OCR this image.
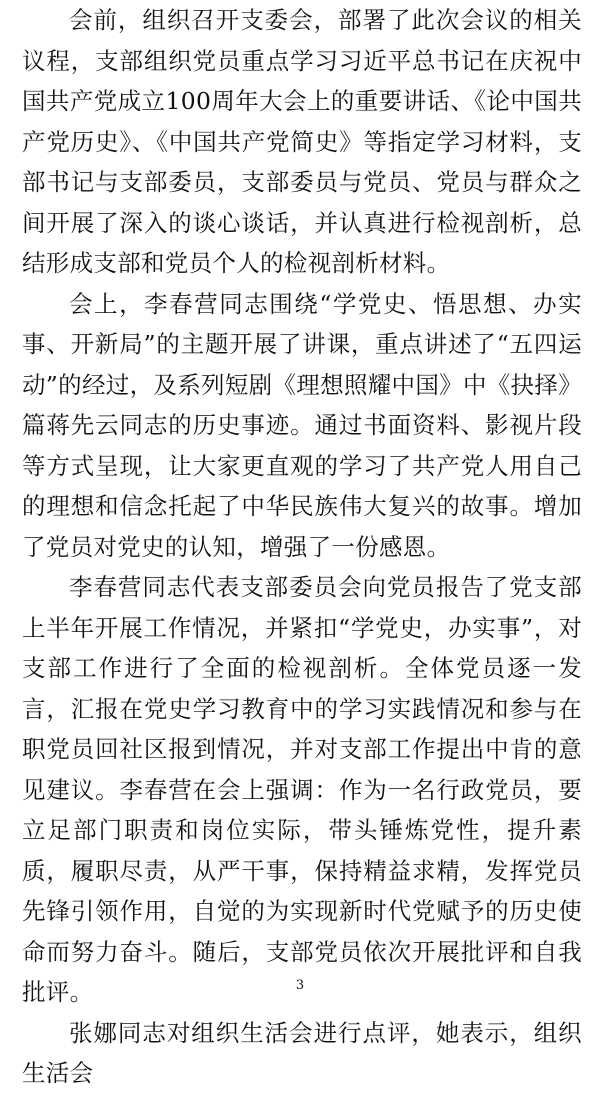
会前，组织召开支委会，部署了此次会议的相关议程，支部组织党员重点学习习近平总书记在庆祝中国共产党成立100周年大会上的重要讲话、《论中国共产党历史》、《中国共产党简史》等指定学习材料，支部书记与支部委员，支部委员与党员、党员与群众之间开展了深入的谈心谈话，并认真进行检视剖析，总结形成支部和党员个人的检视剖析材料。

会上，李春营同志围绕“学党史、悟思想、办实事、开新局”的主题开展了讲课，重点讲述了“五四运动”的经过，及系列短剧《理想照耀中国》中《抉择》篇蒋先云同志的历史事迹。通过书面资料、影视片段等方式呈现，让大家更直观的学习了共产党人用自己的理想和信念托起了中华民族伟大复兴的故事。增加了党员对党史的认知，增强了一份感恩。

李春营同志代表支部委员会向党员报告了党支部上半年开展工作情况，并紧扣“学党史，办实事”，对支部工作进行了全面的检视剖析。全体党员逐一发言，汇报在党史学习教育中的学习实践情况和参与在职党员回社区报到情况，并对支部工作提出中肯的意见建议。李春营在会上强调：作为一名行政党员，要立足部门职责和岗位实际，带头锤炼党性，提升素质，履职尽责，从严干事，保持精益求精，发挥党员先锋引领作用，自觉的为实现新时代党赋予的历史使命而努力奋斗。随后，支部党员依次开展批评和自我批评。

张娜同志对组织生活会进行点评，她表示，组织生活会

3
